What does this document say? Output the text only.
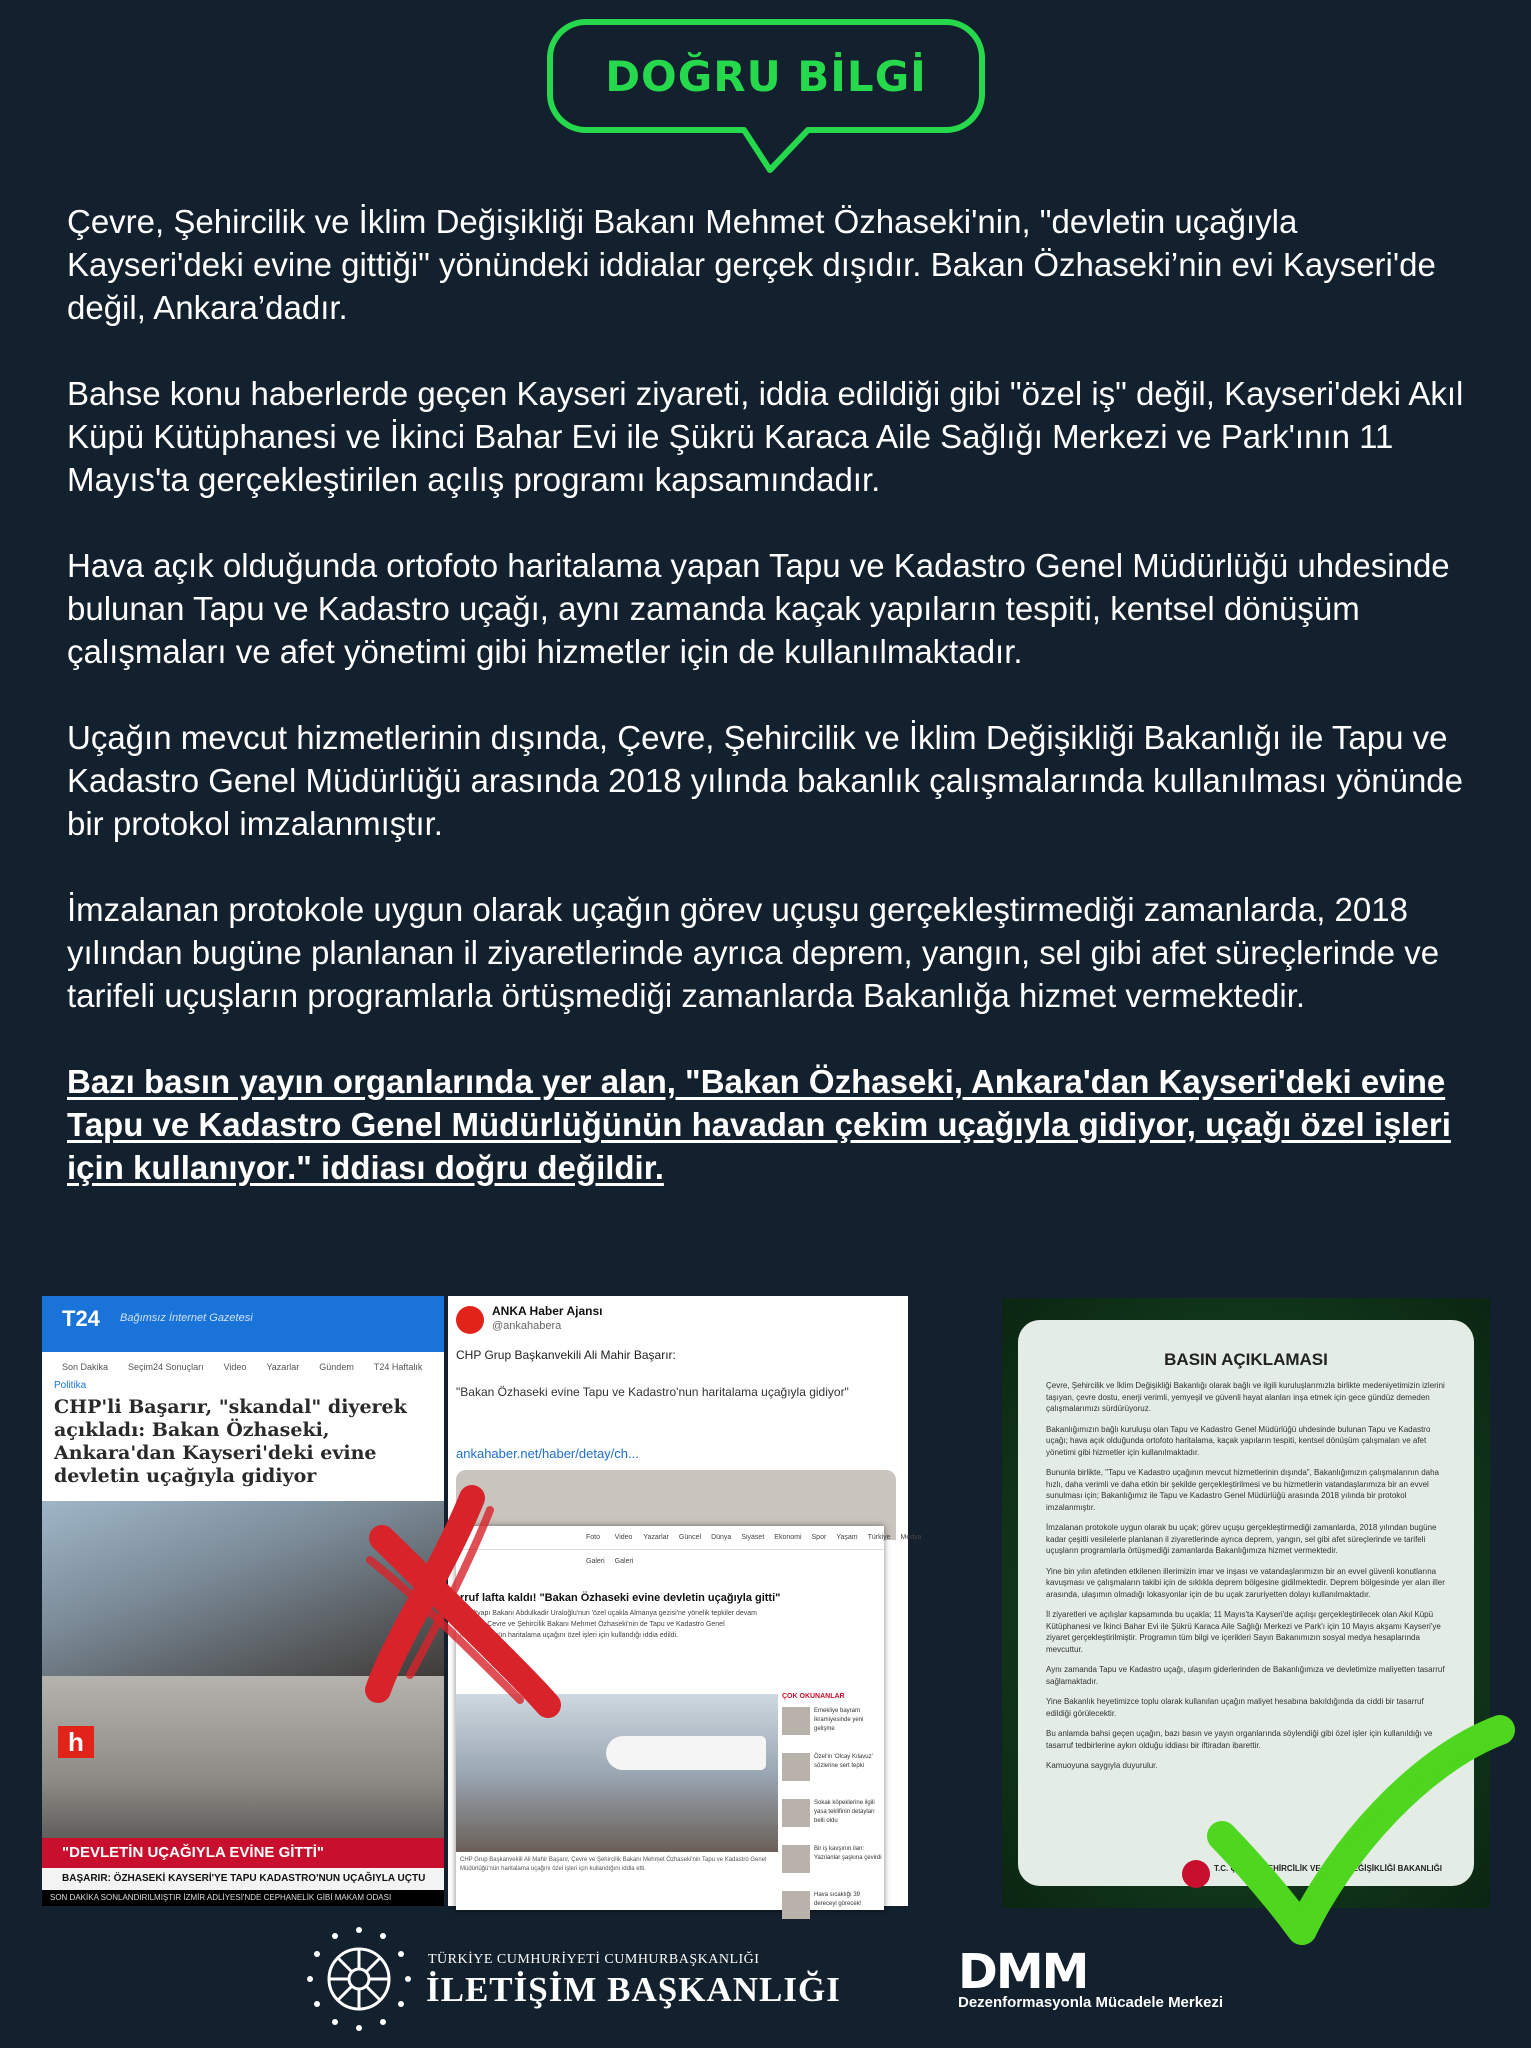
DOĞRU BİLGİ

Çevre, Şehircilik ve İklim Değişikliği Bakanı Mehmet Özhaseki'nin, "devletin uçağıyla Kayseri'deki evine gittiği" yönündeki iddialar gerçek dışıdır. Bakan Özhaseki’nin evi Kayseri'de değil, Ankara’dadır.

Bahse konu haberlerde geçen Kayseri ziyareti, iddia edildiği gibi "özel iş" değil, Kayseri'deki Akıl Küpü Kütüphanesi ve İkinci Bahar Evi ile Şükrü Karaca Aile Sağlığı Merkezi ve Park'ının 11 Mayıs'ta gerçekleştirilen açılış programı kapsamındadır.

Hava açık olduğunda ortofoto haritalama yapan Tapu ve Kadastro Genel Müdürlüğü uhdesinde bulunan Tapu ve Kadastro uçağı, aynı zamanda kaçak yapıların tespiti, kentsel dönüşüm çalışmaları ve afet yönetimi gibi hizmetler için de kullanılmaktadır.

Uçağın mevcut hizmetlerinin dışında, Çevre, Şehircilik ve İklim Değişikliği Bakanlığı ile Tapu ve Kadastro Genel Müdürlüğü arasında 2018 yılında bakanlık çalışmalarında kullanılması yönünde bir protokol imzalanmıştır.

İmzalanan protokole uygun olarak uçağın görev uçuşu gerçekleştirmediği zamanlarda, 2018 yılından bugüne planlanan il ziyaretlerinde ayrıca deprem, yangın, sel gibi afet süreçlerinde ve tarifeli uçuşların programlarla örtüşmediği zamanlarda Bakanlığa hizmet vermektedir.

Bazı basın yayın organlarında yer alan, "Bakan Özhaseki, Ankara'dan Kayseri'deki evine Tapu ve Kadastro Genel Müdürlüğünün havadan çekim uçağıyla gidiyor, uçağı özel işleri için kullanıyor." iddiası doğru değildir.

T24 Bağımsız İnternet Gazetesi
Son Dakika Seçim24 Sonuçları Video Yazarlar Gündem T24 Haftalık
Politika
CHP'li Başarır, "skandal" diyerek açıkladı: Bakan Özhaseki, Ankara'dan Kayseri'deki evine devletin uçağıyla gidiyor
h
"DEVLETİN UÇAĞIYLA EVİNE GİTTİ"
BAŞARIR: ÖZHASEKİ KAYSERİ'YE TAPU KADASTRO'NUN UÇAĞIYLA UÇTU
SON DAKİKA SONLANDIRILMIŞTIR İZMİR ADLİYESİ'NDE CEPHANELİK GİBİ MAKAM ODASI
ANKA Haber Ajansı
@ankahabera
CHP Grup Başkanvekili Ali Mahir Başarır:
"Bakan Özhaseki evine Tapu ve Kadastro'nun haritalama uçağıyla gidiyor"
ankahaber.net/haber/detay/ch...
Foto Galeri
Video Galeri
Yazarlar Güncel Dünya Siyaset Ekonomi Spor Yaşam Türkiye Medya
rruf lafta kaldı! "Bakan Özhaseki evine devletin uçağıyla gitti"
ve Altyapı Bakanı Abdulkadir Uraloğlu'nun 'özel uçakla Almanya gezisi'ne yönelik tepkiler devam ederken Çevre ve Şehircilik Bakanı Mehmet Özhaseki'nin de Tapu ve Kadastro Genel Müdürlüğü'nün haritalama uçağını özel işleri için kullandığı iddia edildi.
CHP Grup Başkanvekili Ali Mahir Başarır, Çevre ve Şehircilik Bakanı Mehmet Özhaseki'nin Tapu ve Kadastro Genel Müdürlüğü'nün haritalama uçağını özel işleri için kullandığını iddia etti.
ÇOK OKUNANLAR
Emekliye bayram ikramiyesinde yeni gelişme
Özel'in 'Olcay Kılavuz' sözlerine sert tepki
Sokak köpeklerine ilgili yasa teklifinin detayları belli oldu
Bir iş kavşının ilan: Yazılanlar şaşkına çevirdi
Hava sıcaklığı 39 dereceyi görecek!
BASIN AÇIKLAMASI

Çevre, Şehircilik ve İklim Değişikliği Bakanlığı olarak bağlı ve ilgili kuruluşlarımızla birlikte medeniyetimizin izlerini taşıyan, çevre dostu, enerji verimli, yemyeşil ve güvenli hayat alanları inşa etmek için gece gündüz demeden çalışmalarımızı sürdürüyoruz.

Bakanlığımızın bağlı kuruluşu olan Tapu ve Kadastro Genel Müdürlüğü uhdesinde bulunan Tapu ve Kadastro uçağı; hava açık olduğunda ortofoto haritalama, kaçak yapıların tespiti, kentsel dönüşüm çalışmaları ve afet yönetimi gibi hizmetler için kullanılmaktadır.

Bununla birlikte, "Tapu ve Kadastro uçağının mevcut hizmetlerinin dışında", Bakanlığımızın çalışmalarının daha hızlı, daha verimli ve daha etkin bir şekilde gerçekleştirilmesi ve bu hizmetlerin vatandaşlarımıza bir an evvel sunulması için; Bakanlığımız ile Tapu ve Kadastro Genel Müdürlüğü arasında 2018 yılında bir protokol imzalanmıştır.

İmzalanan protokole uygun olarak bu uçak; görev uçuşu gerçekleştirmediği zamanlarda, 2018 yılından bugüne kadar çeşitli vesilelerle planlanan il ziyaretlerinde ayrıca deprem, yangın, sel gibi afet süreçlerinde ve tarifeli uçuşların programlarla örtüşmediği zamanlarda Bakanlığımıza hizmet vermektedir.

Yine bin yılın afetinden etkilenen illerimizin imar ve inşası ve vatandaşlarımızın bir an evvel güvenli konutlarına kavuşması ve çalışmaların takibi için de sıklıkla deprem bölgesine gidilmektedir. Deprem bölgesinde yer alan iller arasında, ulaşımın olmadığı lokasyonlar için de bu uçak zaruriyetten dolayı kullanılmaktadır.

İl ziyaretleri ve açılışlar kapsamında bu uçakla; 11 Mayıs'ta Kayseri'de açılışı gerçekleştirilecek olan Akıl Küpü Kütüphanesi ve İkinci Bahar Evi ile Şükrü Karaca Aile Sağlığı Merkezi ve Park'ı için 10 Mayıs akşamı Kayseri'ye ziyaret gerçekleştirilmiştir. Programın tüm bilgi ve içerikleri Sayın Bakanımızın sosyal medya hesaplarında mevcuttur.

Aynı zamanda Tapu ve Kadastro uçağı, ulaşım giderlerinden de Bakanlığımıza ve devletimize maliyetten tasarruf sağlamaktadır.

Yine Bakanlık heyetimizce toplu olarak kullanılan uçağın maliyet hesabına bakıldığında da ciddi bir tasarruf edildiği görülecektir.

Bu anlamda bahsi geçen uçağın, bazı basın ve yayın organlarında söylendiği gibi özel işler için kullanıldığı ve tasarruf tedbirlerine aykırı olduğu iddiası bir iftiradan ibarettir.

Kamuoyuna saygıyla duyurulur.

T.C. ÇEVRE, ŞEHİRCİLİK VE İKLİM DEĞİŞİKLİĞİ BAKANLIĞI
TÜRKİYE CUMHURİYETİ CUMHURBAŞKANLIĞI
İLETİŞİM BAŞKANLIĞI DMM
Dezenformasyonla Mücadele Merkezi
